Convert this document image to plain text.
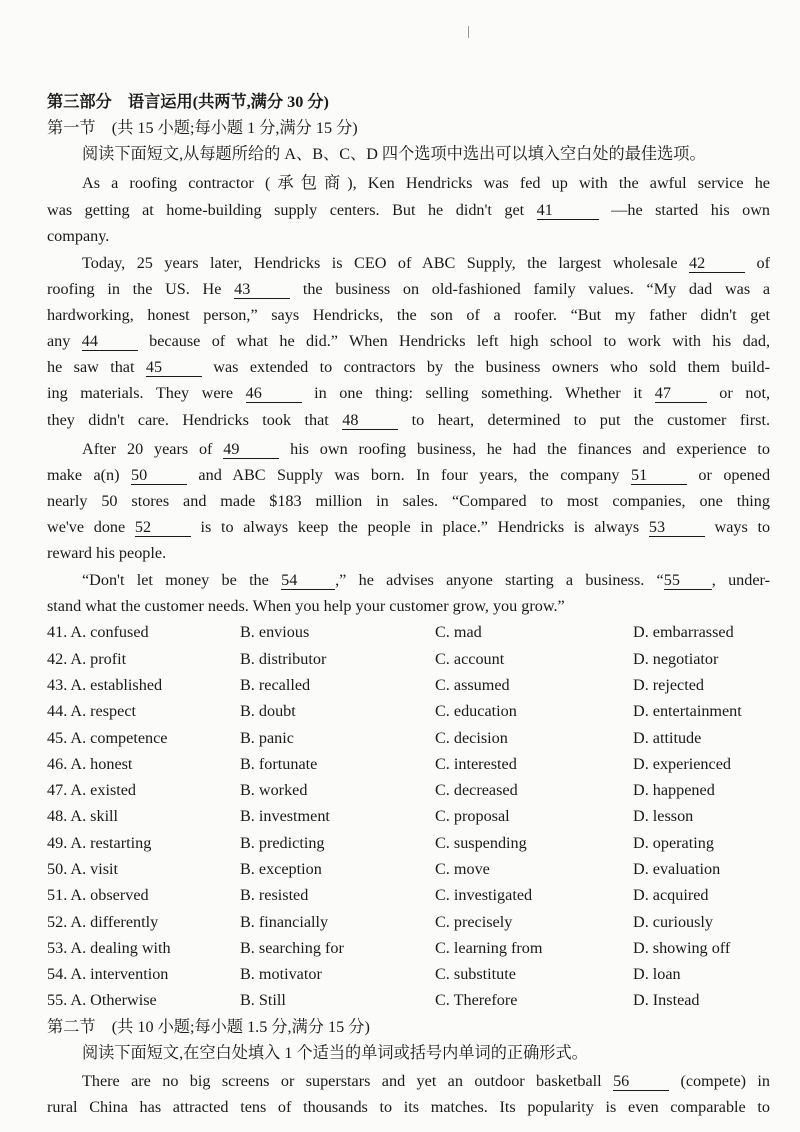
第三部分　语言运用(共两节,满分 30 分)
第一节　(共 15 小题;每小题 1 分,满分 15 分)
阅读下面短文,从每题所给的 A、B、C、D 四个选项中选出可以填入空白处的最佳选项。
As a roofing contractor (承包商), Ken Hendricks was fed up with the awful service he
was getting at home-building supply centers. But he didn't get 41	—he started his own
company.
Today, 25 years later, Hendricks is CEO of ABC Supply, the largest wholesale 42	of
roofing in the US. He 43	the business on old-fashioned family values. “My dad was a
hardworking, honest person,” says Hendricks, the son of a roofer. “But my father didn't get
any 44	because of what he did.” When Hendricks left high school to work with his dad,
he saw that 45	was extended to contractors by the business owners who sold them build-
ing materials. They were 46	in one thing: selling something. Whether it 47	or not,
they didn't care. Hendricks took that 48	to heart, determined to put the customer first.
After 20 years of 49	his own roofing business, he had the finances and experience to
make a(n) 50	and ABC Supply was born. In four years, the company 51	or opened
nearly 50 stores and made $183 million in sales. “Compared to most companies, one thing
we've done 52	is to always keep the people in place.” Hendricks is always 53	ways to
reward his people.
“Don't let money be the 54 ,” he advises anyone starting a business. “55 , under-
stand what the customer needs. When you help your customer grow, you grow.”
41. A. confused	B. envious	C. mad	D. embarrassed
42. A. profit	B. distributor	C. account	D. negotiator
43. A. established	B. recalled	C. assumed	D. rejected
44. A. respect	B. doubt	C. education	D. entertainment
45. A. competence	B. panic	C. decision	D. attitude
46. A. honest	B. fortunate	C. interested	D. experienced
47. A. existed	B. worked	C. decreased	D. happened
48. A. skill	B. investment	C. proposal	D. lesson
49. A. restarting	B. predicting	C. suspending	D. operating
50. A. visit	B. exception	C. move	D. evaluation
51. A. observed	B. resisted	C. investigated	D. acquired
52. A. differently	B. financially	C. precisely	D. curiously
53. A. dealing with	B. searching for	C. learning from	D. showing off
54. A. intervention	B. motivator	C. substitute	D. loan
55. A. Otherwise	B. Still	C. Therefore	D. Instead
第二节　(共 10 小题;每小题 1.5 分,满分 15 分)
阅读下面短文,在空白处填入 1 个适当的单词或括号内单词的正确形式。
There are no big screens or superstars and yet an outdoor basketball 56	(compete) in
rural China has attracted tens of thousands to its matches. Its popularity is even comparable to
